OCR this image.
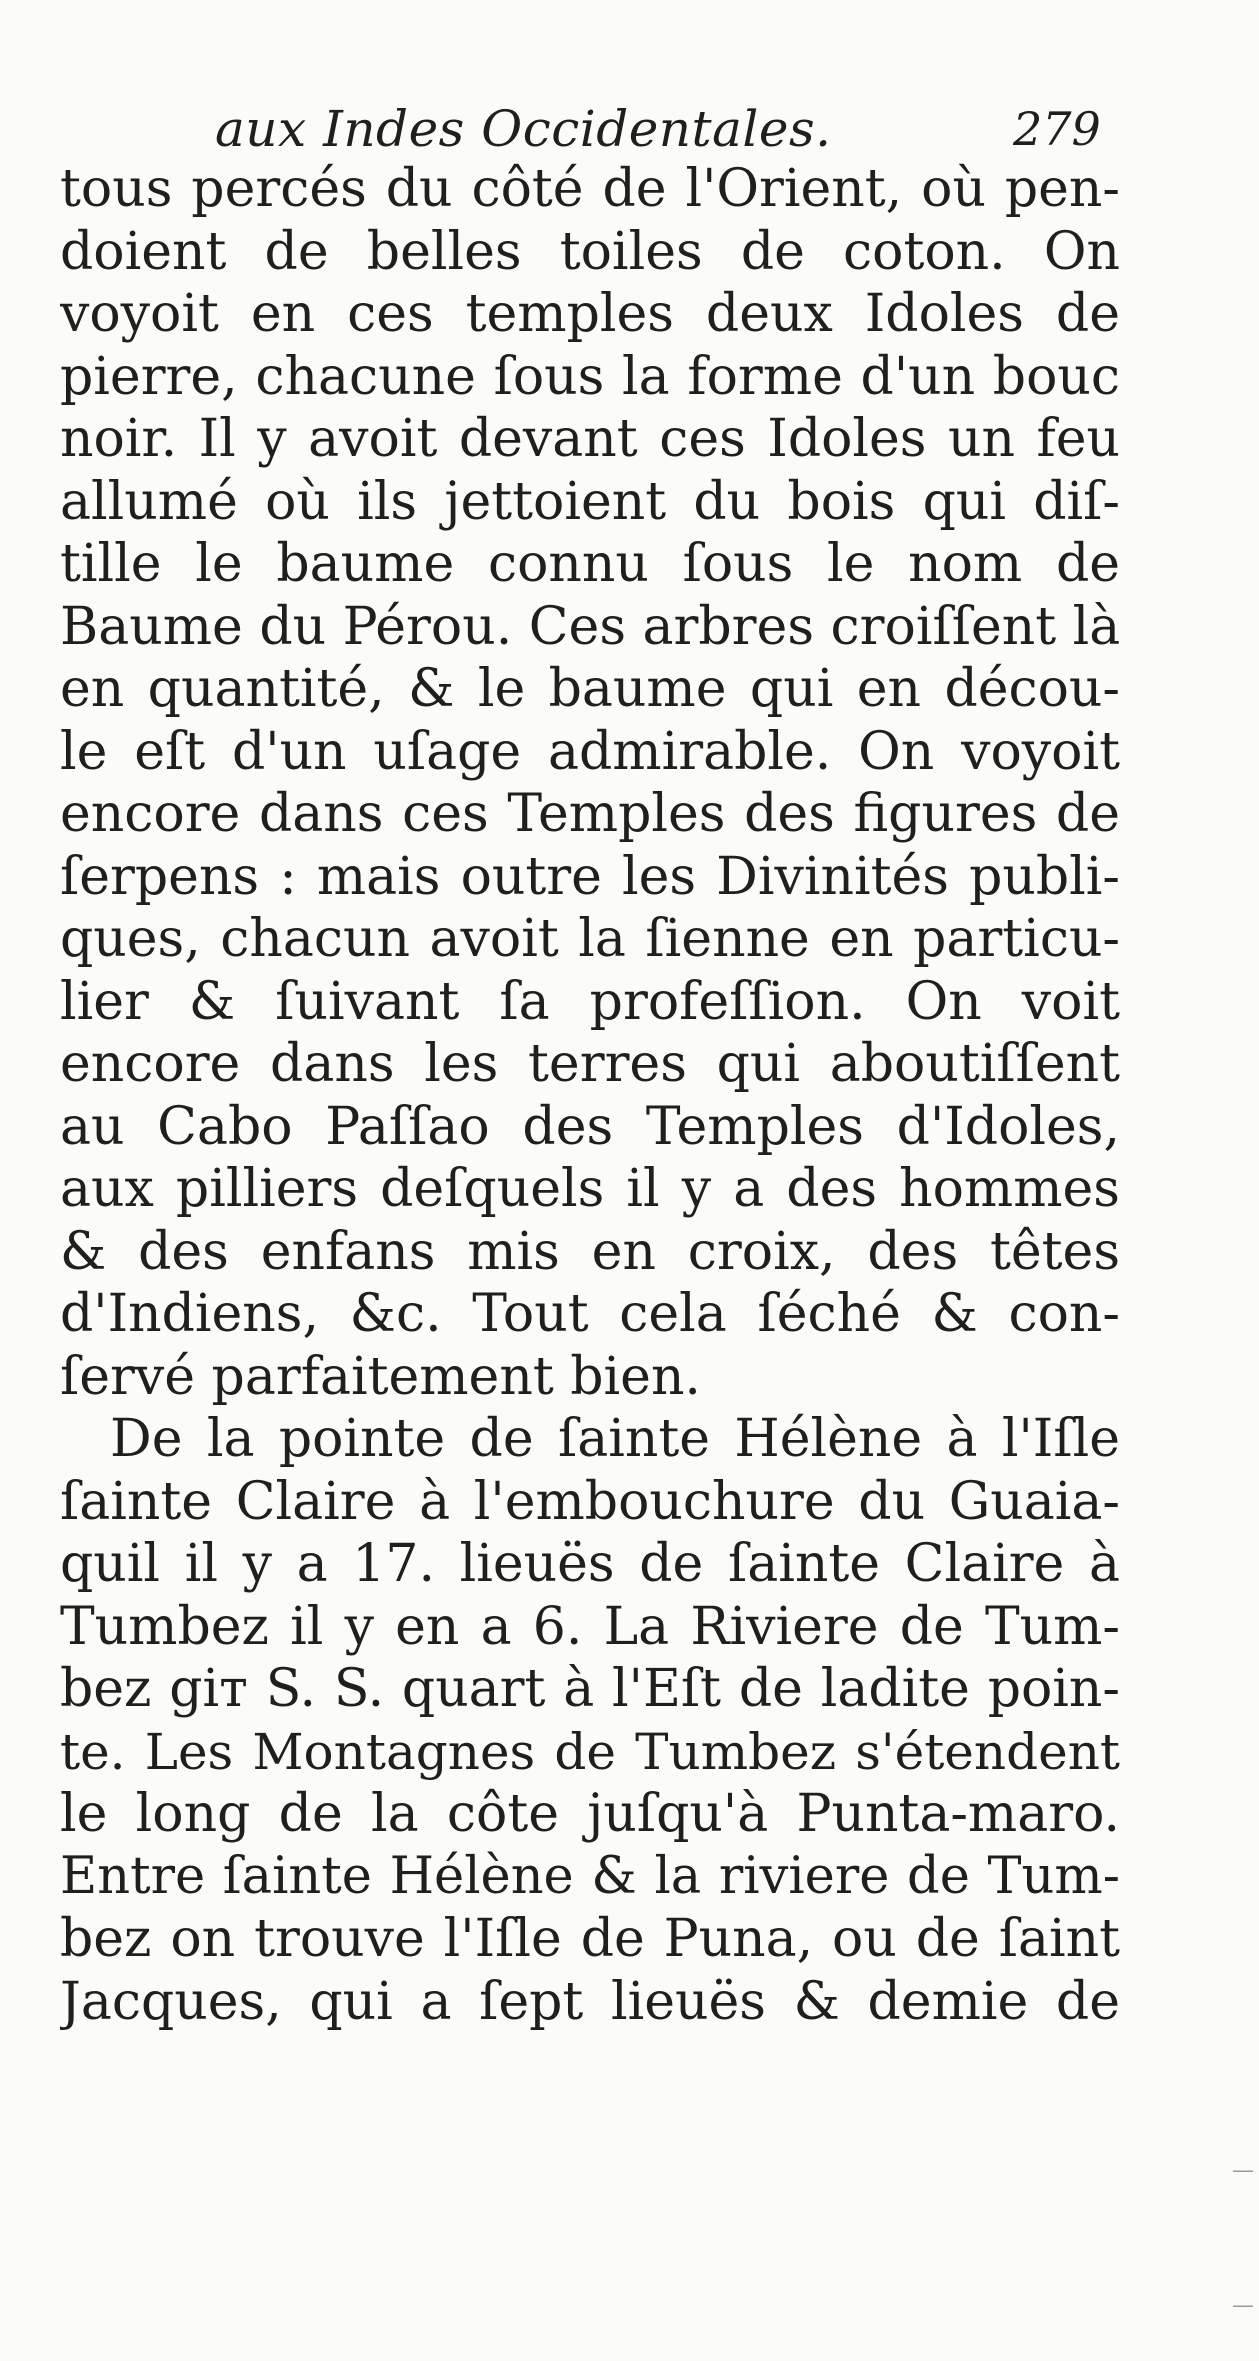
aux Indes Occidentales.	279
tous percés du côté de l'Orient, où pen-
doient de belles toiles de coton. On
voyoit en ces temples deux Idoles de
pierre, chacune ſous la forme d'un bouc
noir. Il y avoit devant ces Idoles un feu
allumé où ils jettoient du bois qui diſ-
tille le baume connu ſous le nom de
Baume du Pérou. Ces arbres croiſſent là
en quantité, & le baume qui en décou-
le eſt d'un uſage admirable. On voyoit
encore dans ces Temples des figures de
ſerpens : mais outre les Divinités publi-
ques, chacun avoit la ſienne en particu-
lier & ſuivant ſa profeſſion. On voit
encore dans les terres qui aboutiſſent
au Cabo Paſſao des Temples d'Idoles,
aux pilliers deſquels il y a des hommes
& des enfans mis en croix, des têtes
d'Indiens, &c. Tout cela ſéché & con-
ſervé parfaitement bien.
De la pointe de ſainte Hélène à l'Iſle
ſainte Claire à l'embouchure du Guaia-
quil il y a 17. lieuës de ſainte Claire à
Tumbez il y en a 6. La Riviere de Tum-
bez giт S. S. quart à l'Eſt de ladite poin-
te. Les Montagnes de Tumbez s'étendent
le long de la côte juſqu'à Punta-maro.
Entre ſainte Hélène & la riviere de Tum-
bez on trouve l'Iſle de Puna, ou de ſaint
Jacques, qui a ſept lieuës & demie de
—
—
